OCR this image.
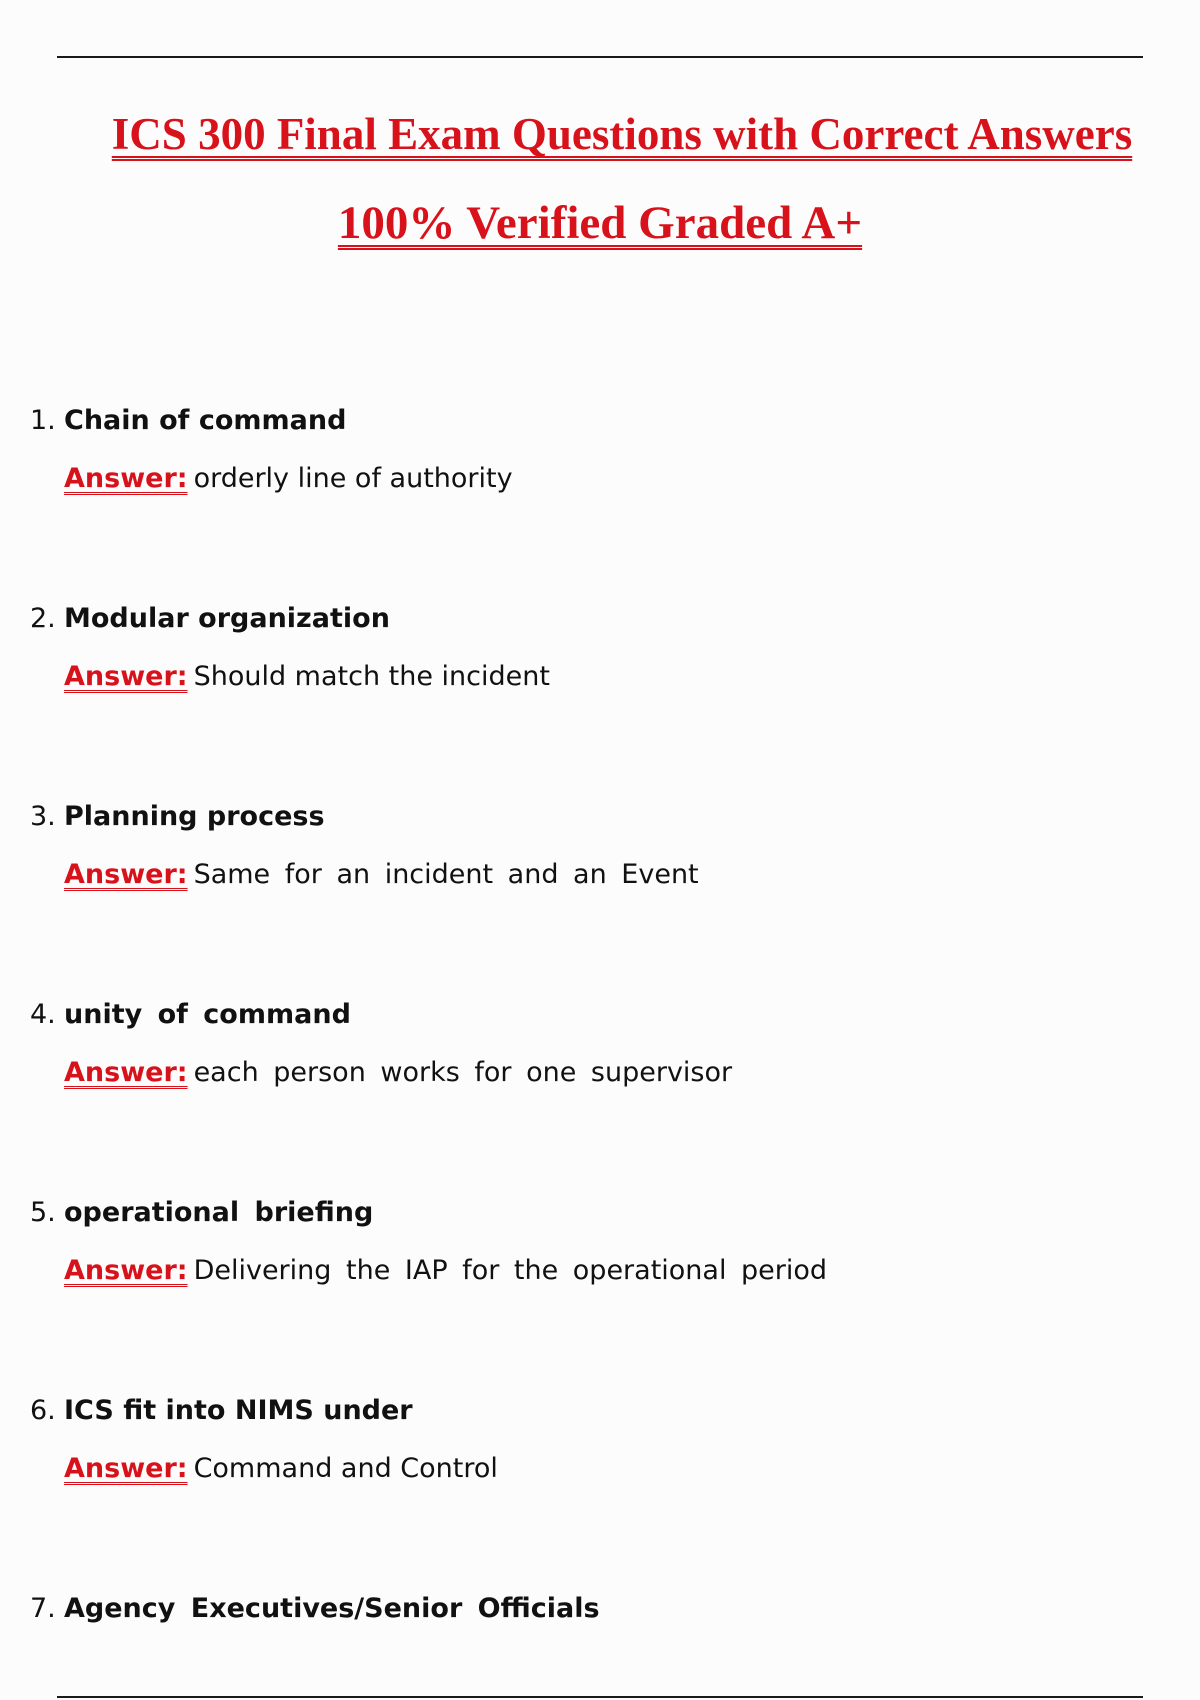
ICS 300 Final Exam Questions with Correct Answers
100% Verified Graded A+
1. Chain of command
Answer: orderly line of authority
2. Modular organization
Answer: Should match the incident
3. Planning process
Answer: Same for an incident and an Event
4. unity of command
Answer: each person works for one supervisor
5. operational briefing
Answer: Delivering the IAP for the operational period
6. ICS fit into NIMS under
Answer: Command and Control
7. Agency Executives/Senior Officials
